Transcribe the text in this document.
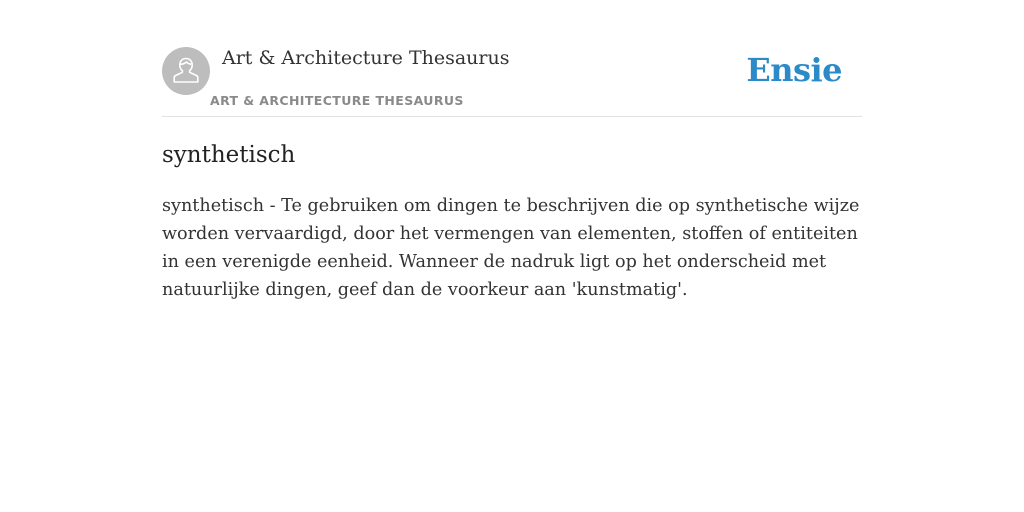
Art & Architecture Thesaurus
ART & ARCHITECTURE THESAURUS
Ensie
synthetisch

synthetisch - Te gebruiken om dingen te beschrijven die op synthetische wijze worden vervaardigd, door het vermengen van elementen, stoffen of entiteiten in een verenigde eenheid. Wanneer de nadruk ligt op het onderscheid met natuurlijke dingen, geef dan de voorkeur aan 'kunstmatig'.
